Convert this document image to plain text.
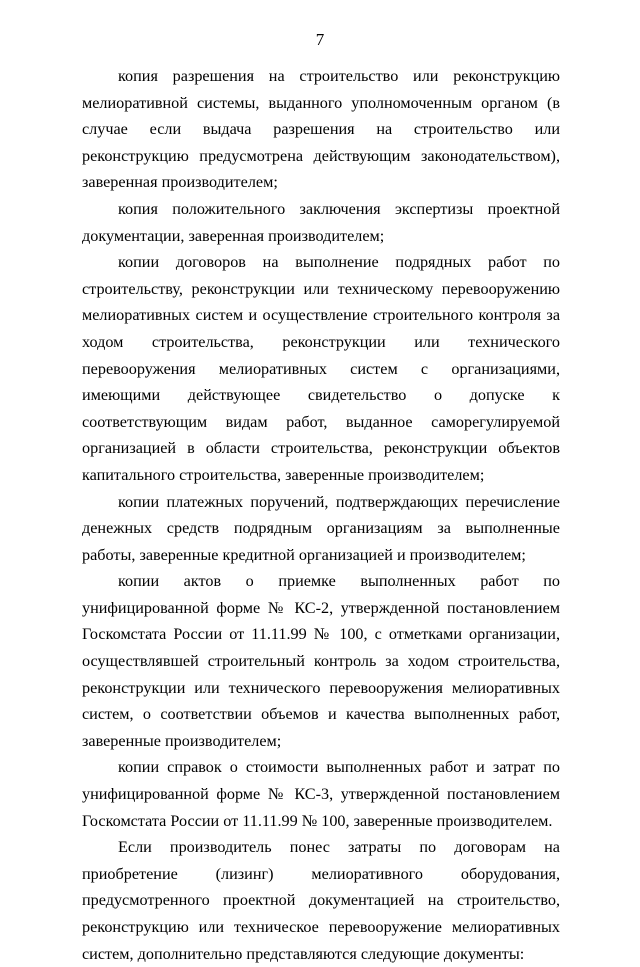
7

копия разрешения на строительство или реконструкцию мелиоративной системы, выданного уполномоченным органом (в случае если выдача разрешения на строительство или реконструкцию предусмотрена действующим законодательством), заверенная производителем;

копия положительного заключения экспертизы проектной документации, заверенная производителем;

копии договоров на выполнение подрядных работ по строительству, реконструкции или техническому перевооружению мелиоративных систем и осуществление строительного контроля за ходом строительства, реконструкции или технического перевооружения мелиоративных систем с организациями, имеющими действующее свидетельство о допуске к соответствующим видам работ, выданное саморегулируемой организацией в области строительства, реконструкции объектов капитального строительства, заверенные производителем;

копии платежных поручений, подтверждающих перечисление денежных средств подрядным организациям за выполненные работы, заверенные кредитной организацией и производителем;

копии актов о приемке выполненных работ по унифицированной форме № КС-2, утвержденной постановлением Госкомстата России от 11.11.99 № 100, с отметками организации, осуществлявшей строительный контроль за ходом строительства, реконструкции или технического перевооружения мелиоративных систем, о соответствии объемов и качества выполненных работ, заверенные производителем;

копии справок о стоимости выполненных работ и затрат по унифицированной форме № КС-3, утвержденной постановлением Госкомстата России от 11.11.99 № 100, заверенные производителем.

Если производитель понес затраты по договорам на приобретение (лизинг) мелиоративного оборудования, предусмотренного проектной документацией на строительство, реконструкцию или техническое перевооружение мелиоративных систем, дополнительно представляются следующие документы:
